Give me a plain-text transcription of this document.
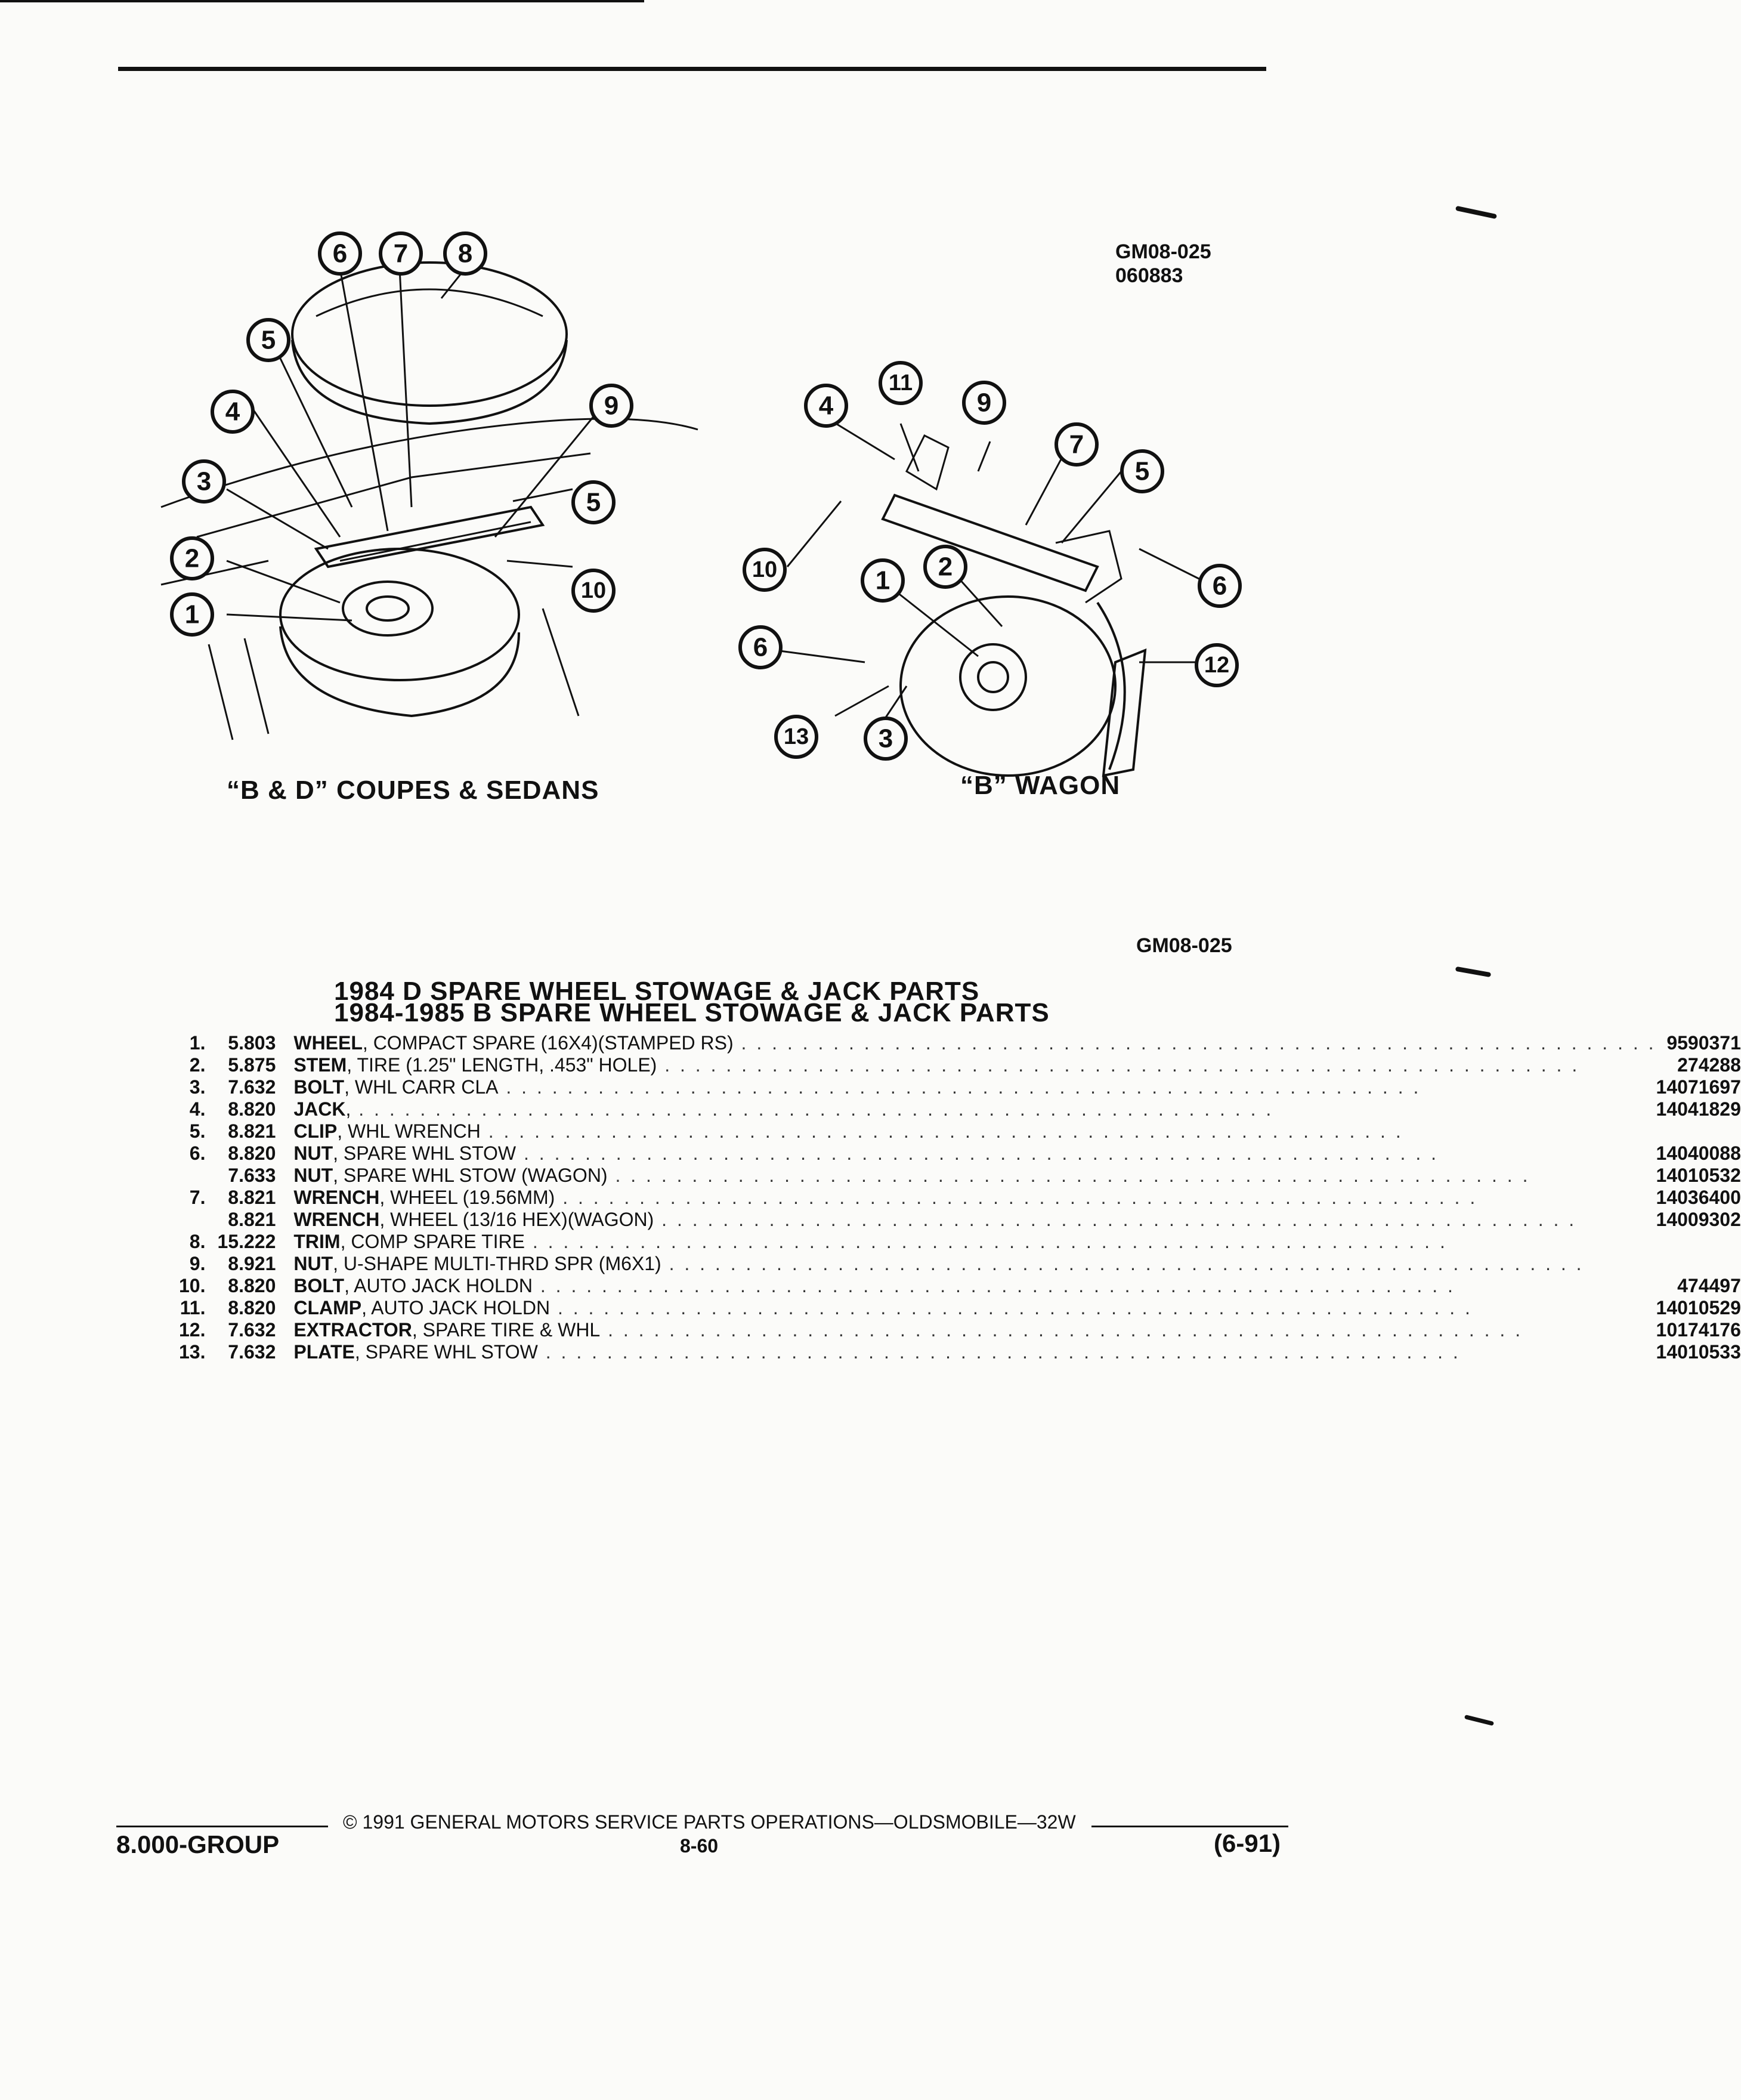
GM08-025
060883
6 7 8
5
4	9
3
5
2
10
1
“B & D” COUPES & SEDANS
11
4	9
7
5
10	1 2
6
6
12
13	3
“B” WAGON
GM08-025
1984 D SPARE WHEEL STOWAGE & JACK PARTS
1984-1985 B SPARE WHEEL STOWAGE & JACK PARTS
1.	5.803	WHEEL, COMPACT SPARE (16X4)(STAMPED RS) . . . . . . . . . . . . . . . . . . . . . . . . . . . . . . . . . . . . . . . . . . . . . . . . . . . . . . . . . . . .	9590371
2.	5.875	STEM, TIRE (1.25" LENGTH, .453" HOLE) . . . . . . . . . . . . . . . . . . . . . . . . . . . . . . . . . . . . . . . . . . . . . . . . . . . . . . . . . . . .	274288
3.	7.632	BOLT, WHL CARR CLA . . . . . . . . . . . . . . . . . . . . . . . . . . . . . . . . . . . . . . . . . . . . . . . . . . . . . . . . . . . .	14071697
4.	8.820	JACK, . . . . . . . . . . . . . . . . . . . . . . . . . . . . . . . . . . . . . . . . . . . . . . . . . . . . . . . . . . . .	14041829
5.	8.821	CLIP, WHL WRENCH . . . . . . . . . . . . . . . . . . . . . . . . . . . . . . . . . . . . . . . . . . . . . . . . . . . . . . . . . . . .	
6.	8.820	NUT, SPARE WHL STOW . . . . . . . . . . . . . . . . . . . . . . . . . . . . . . . . . . . . . . . . . . . . . . . . . . . . . . . . . . . .	14040088
	7.633	NUT, SPARE WHL STOW (WAGON) . . . . . . . . . . . . . . . . . . . . . . . . . . . . . . . . . . . . . . . . . . . . . . . . . . . . . . . . . . . .	14010532
7.	8.821	WRENCH, WHEEL (19.56MM) . . . . . . . . . . . . . . . . . . . . . . . . . . . . . . . . . . . . . . . . . . . . . . . . . . . . . . . . . . . .	14036400
	8.821	WRENCH, WHEEL (13/16 HEX)(WAGON) . . . . . . . . . . . . . . . . . . . . . . . . . . . . . . . . . . . . . . . . . . . . . . . . . . . . . . . . . . . .	14009302
8.	15.222	TRIM, COMP SPARE TIRE . . . . . . . . . . . . . . . . . . . . . . . . . . . . . . . . . . . . . . . . . . . . . . . . . . . . . . . . . . . .	
9.	8.921	NUT, U-SHAPE MULTI-THRD SPR (M6X1) . . . . . . . . . . . . . . . . . . . . . . . . . . . . . . . . . . . . . . . . . . . . . . . . . . . . . . . . . . . .	
10.	8.820	BOLT, AUTO JACK HOLDN . . . . . . . . . . . . . . . . . . . . . . . . . . . . . . . . . . . . . . . . . . . . . . . . . . . . . . . . . . . .	474497
11.	8.820	CLAMP, AUTO JACK HOLDN . . . . . . . . . . . . . . . . . . . . . . . . . . . . . . . . . . . . . . . . . . . . . . . . . . . . . . . . . . . .	14010529
12.	7.632	EXTRACTOR, SPARE TIRE & WHL . . . . . . . . . . . . . . . . . . . . . . . . . . . . . . . . . . . . . . . . . . . . . . . . . . . . . . . . . . . .	10174176
13.	7.632	PLATE, SPARE WHL STOW . . . . . . . . . . . . . . . . . . . . . . . . . . . . . . . . . . . . . . . . . . . . . . . . . . . . . . . . . . . .	14010533
© 1991 GENERAL MOTORS SERVICE PARTS OPERATIONS—OLDSMOBILE—32W
8.000-GROUP	8-60	(6-91)
